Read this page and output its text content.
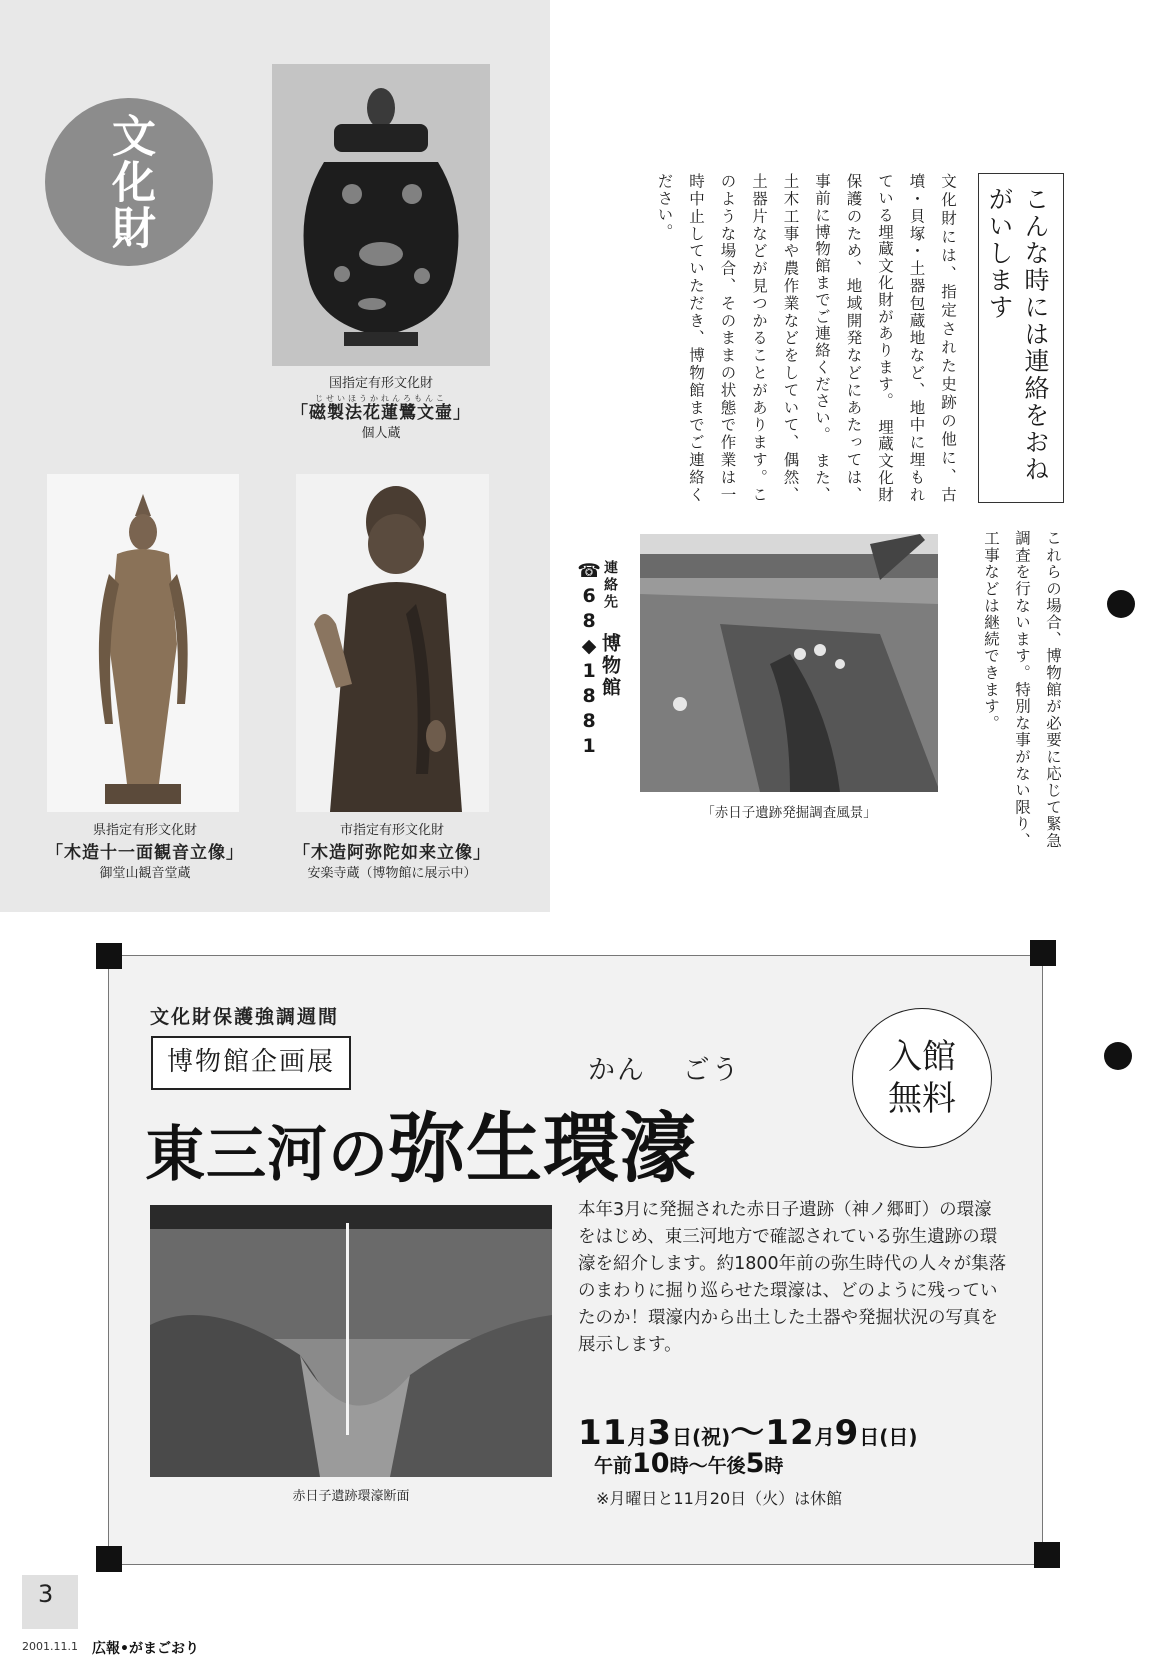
文化財
国指定有形文化財
じせいほうかれんろもんこ
「磁製法花蓮鷺文壷」
個人蔵
県指定有形文化財
「木造十一面観音立像」
御堂山観音堂蔵
市指定有形文化財
「木造阿弥陀如来立像」
安楽寺蔵（博物館に展示中）
こんな時には連絡をおねがいします
文化財には、指定された史跡の他に、古墳・貝塚・土器包蔵地など、地中に埋もれている埋蔵文化財があります。　埋蔵文化財保護のため、地域開発などにあたっては、事前に博物館までご連絡ください。　また、土木工事や農作業などをしていて、偶然、土器片などが見つかることがあります。このような場合、そのままの状態で作業は一時中止していただき、博物館までご連絡ください。
これらの場合、博物館が必要に応じて緊急調査を行ないます。特別な事がない限り、工事などは継続できます。
連絡先　博物館 ☎68◆1881
「赤日子遺跡発掘調査風景」
文化財保護強調週間
博物館企画展	かん ごう
東三河の弥生環濠
入館
無料
赤日子遺跡環濠断面
本年3月に発掘された赤日子遺跡（神ノ郷町）の環濠をはじめ、東三河地方で確認されている弥生遺跡の環濠を紹介します。約1800年前の弥生時代の人々が集落のまわりに掘り巡らせた環濠は、どのように残っていたのか！環濠内から出土した土器や発掘状況の写真を展示します。
11月3日(祝)～12月9日(日)
午前10時～午後5時
※月曜日と11月20日（火）は休館
3
2001.11.1 広報•がまごおり
